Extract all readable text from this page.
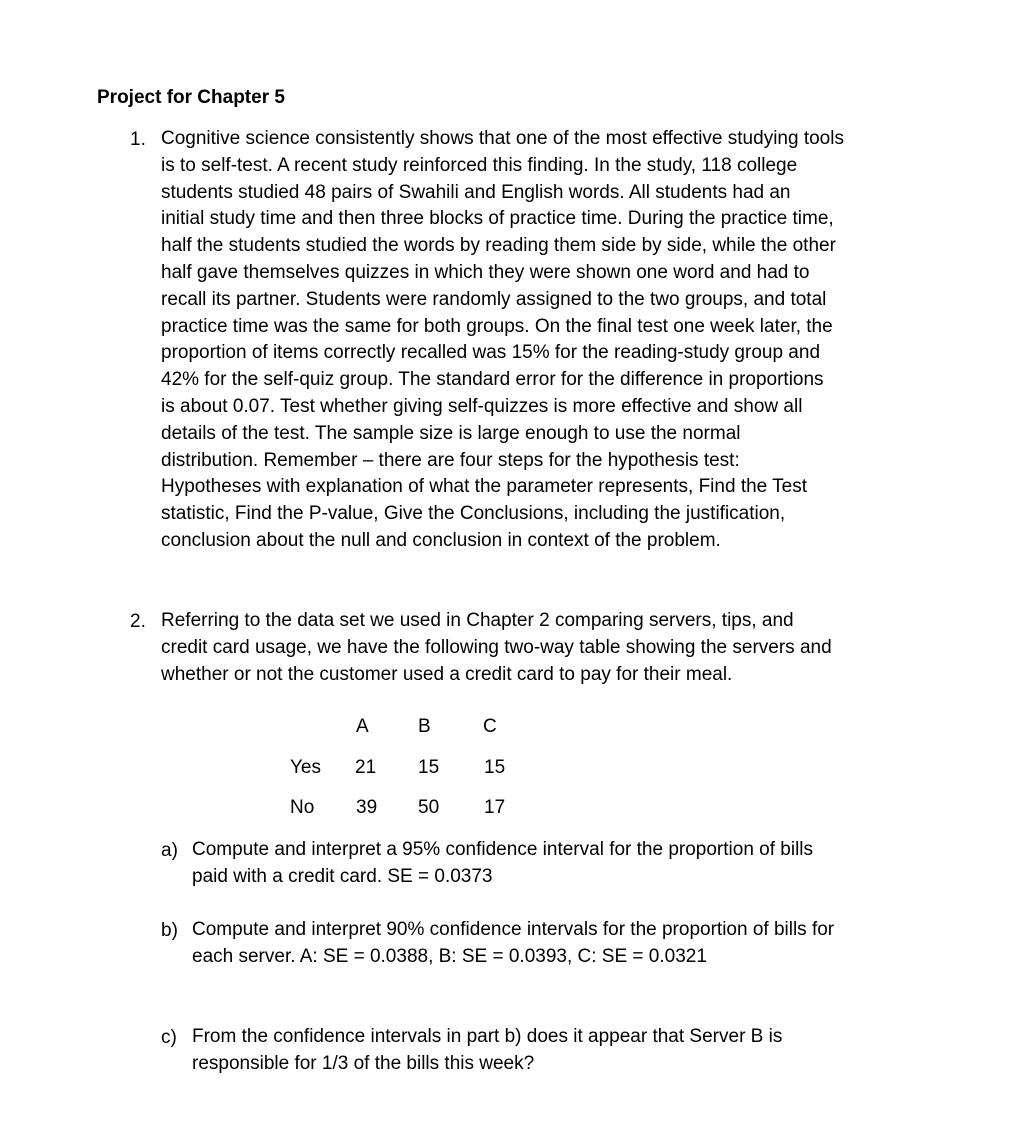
Project for Chapter 5
1. Cognitive science consistently shows that one of the most effective studying tools
is to self-test. A recent study reinforced this finding. In the study, 118 college
students studied 48 pairs of Swahili and English words. All students had an
initial study time and then three blocks of practice time. During the practice time,
half the students studied the words by reading them side by side, while the other
half gave themselves quizzes in which they were shown one word and had to
recall its partner. Students were randomly assigned to the two groups, and total
practice time was the same for both groups. On the final test one week later, the
proportion of items correctly recalled was 15% for the reading-study group and
42% for the self-quiz group. The standard error for the difference in proportions
is about 0.07. Test whether giving self-quizzes is more effective and show all
details of the test. The sample size is large enough to use the normal
distribution. Remember – there are four steps for the hypothesis test:
Hypotheses with explanation of what the parameter represents, Find the Test
statistic, Find the P-value, Give the Conclusions, including the justification,
conclusion about the null and conclusion in context of the problem.

2. Referring to the data set we used in Chapter 2 comparing servers, tips, and
credit card usage, we have the following two-way table showing the servers and
whether or not the customer used a credit card to pay for their meal.

A	B	C
Yes 21 15 15
No 39 50 17
a) Compute and interpret a 95% confidence interval for the proportion of bills
paid with a credit card. SE = 0.0373

b) Compute and interpret 90% confidence intervals for the proportion of bills for
each server. A: SE = 0.0388, B: SE = 0.0393, C: SE = 0.0321

c) From the confidence intervals in part b) does it appear that Server B is
responsible for 1/3 of the bills this week?
